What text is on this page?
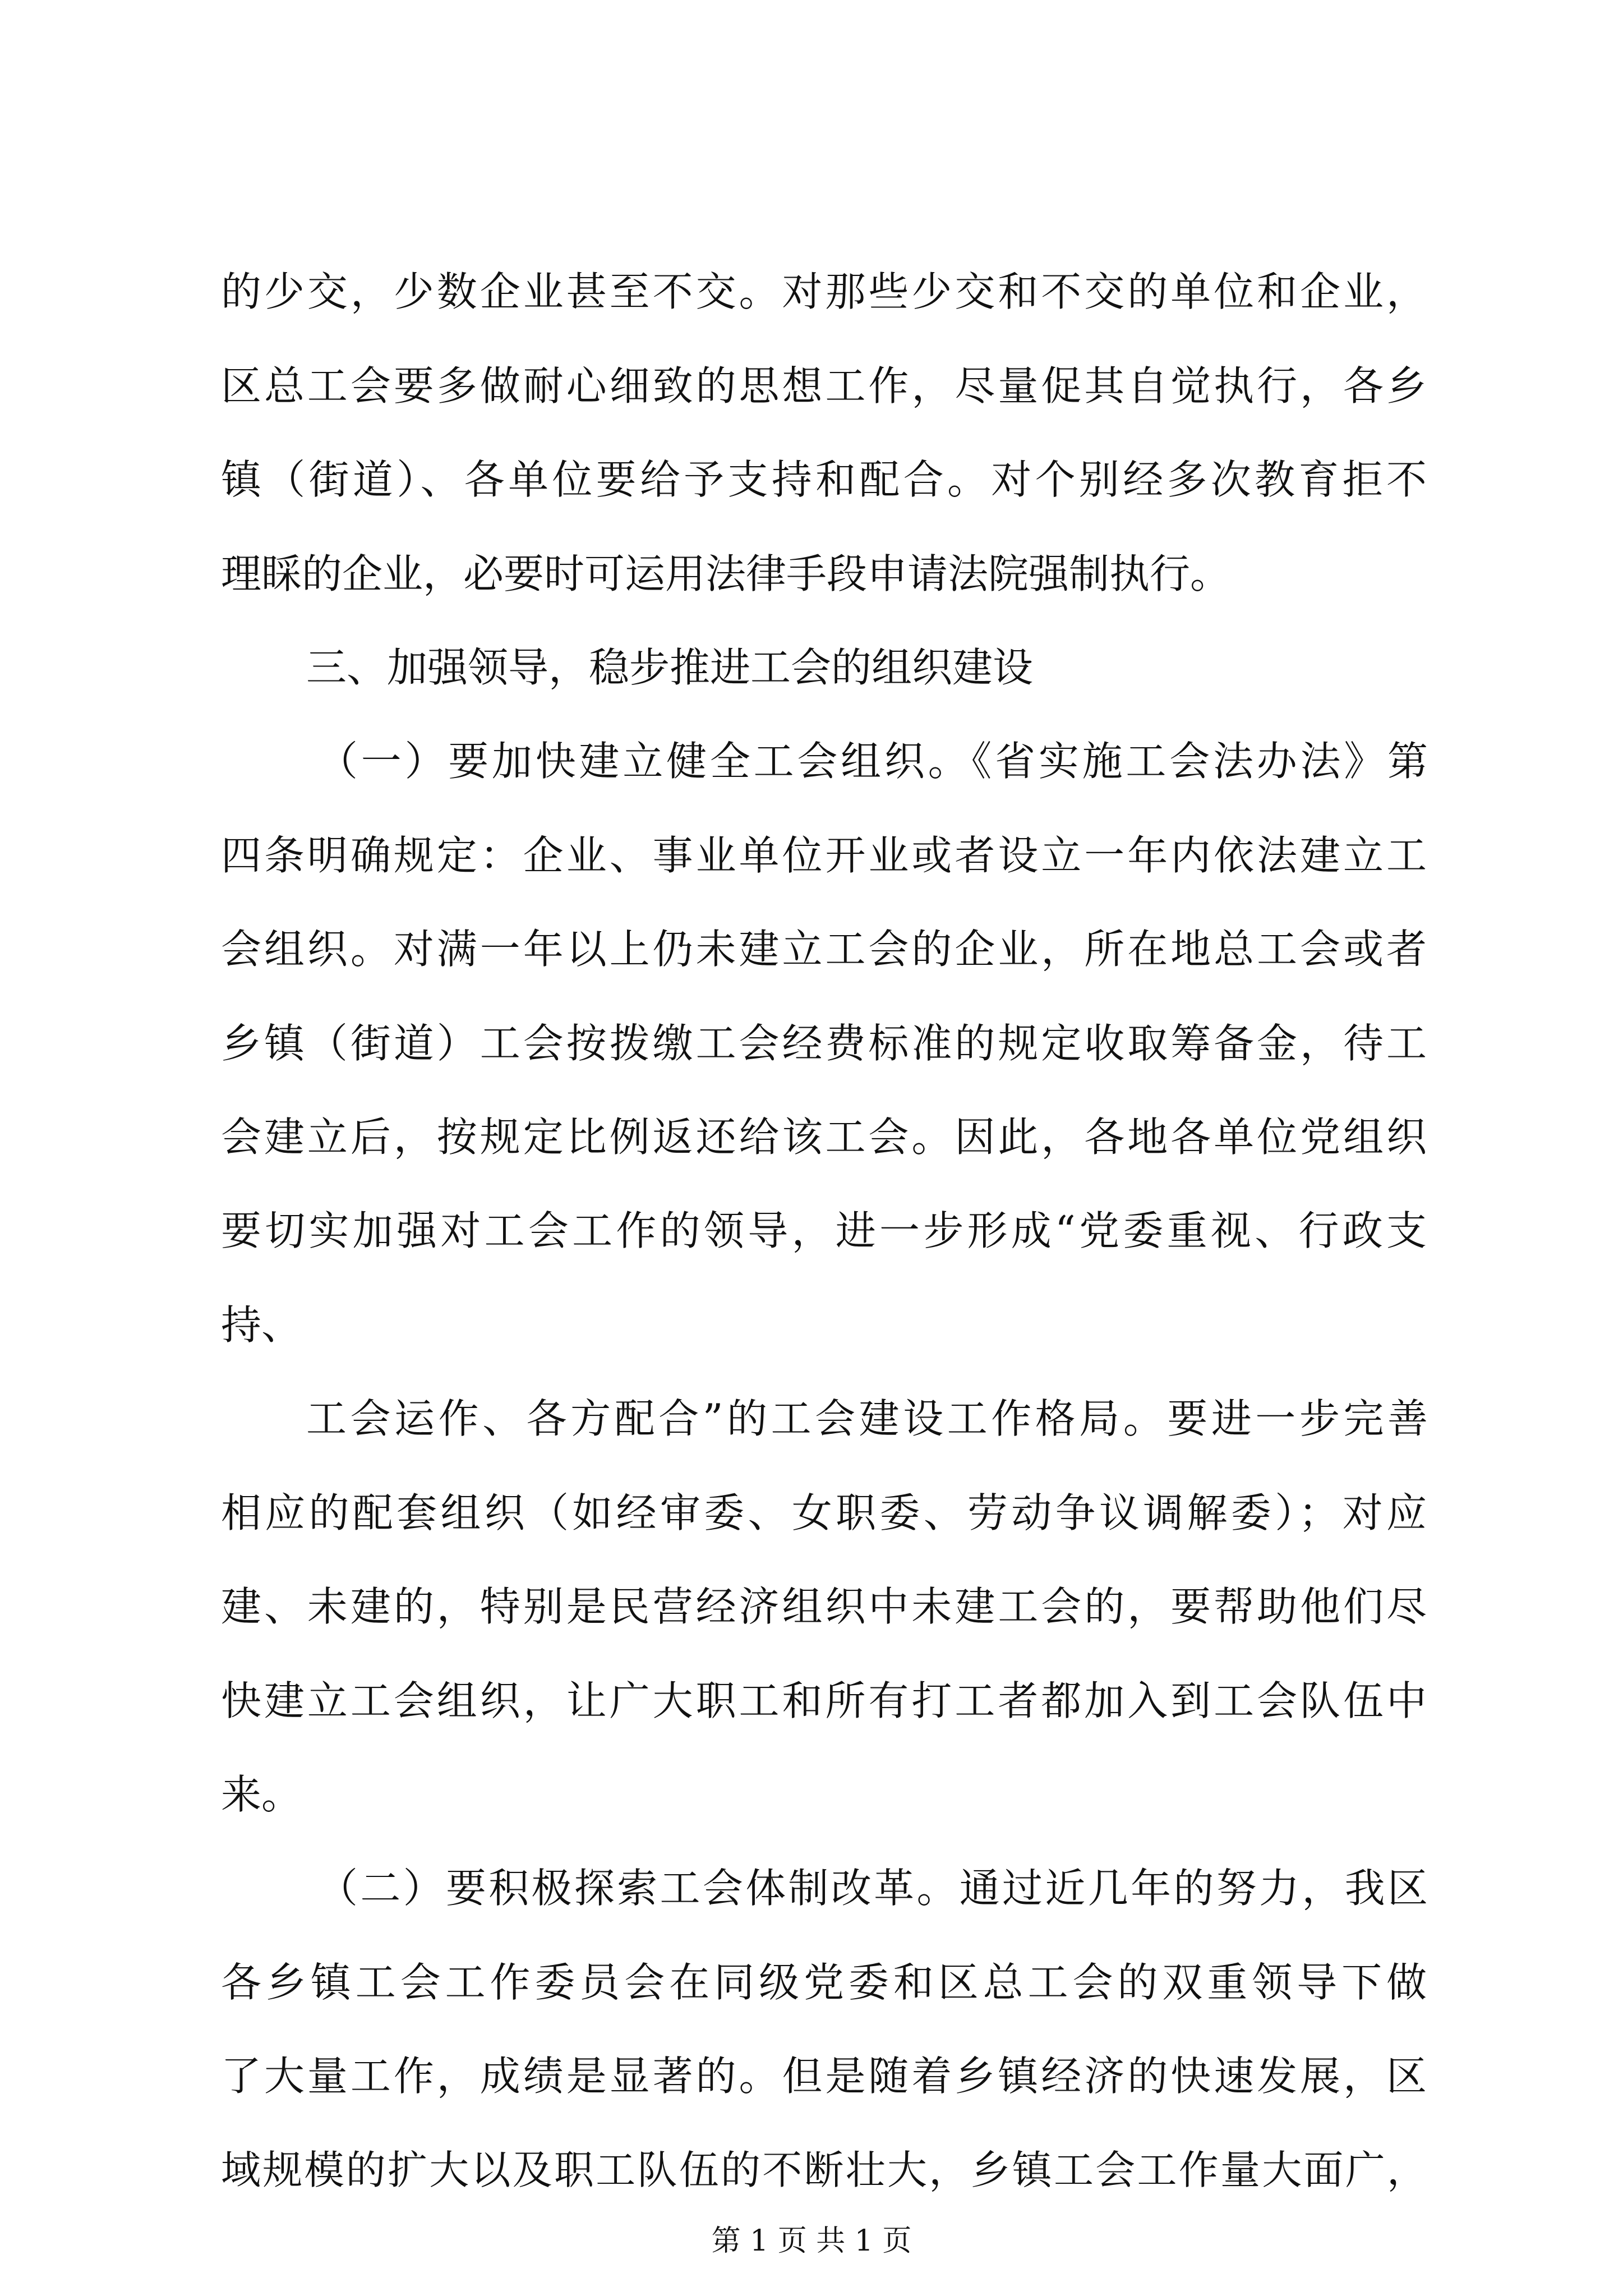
的少交，少数企业甚至不交。对那些少交和不交的单位和企业，
区总工会要多做耐心细致的思想工作，尽量促其自觉执行，各乡
镇（街道）、各单位要给予支持和配合。对个别经多次教育拒不
理睬的企业，必要时可运用法律手段申请法院强制执行。
三、加强领导，稳步推进工会的组织建设
（一）要加快建立健全工会组织。《省实施工会法办法》第
四条明确规定：企业、事业单位开业或者设立一年内依法建立工
会组织。对满一年以上仍未建立工会的企业，所在地总工会或者
乡镇（街道）工会按拨缴工会经费标准的规定收取筹备金，待工
会建立后，按规定比例返还给该工会。因此，各地各单位党组织
要切实加强对工会工作的领导，进一步形成“党委重视、行政支
持、
工会运作、各方配合”的工会建设工作格局。要进一步完善
相应的配套组织（如经审委、女职委、劳动争议调解委）；对应
建、未建的，特别是民营经济组织中未建工会的，要帮助他们尽
快建立工会组织，让广大职工和所有打工者都加入到工会队伍中
来。
（二）要积极探索工会体制改革。通过近几年的努力，我区
各乡镇工会工作委员会在同级党委和区总工会的双重领导下做
了大量工作，成绩是显著的。但是随着乡镇经济的快速发展，区
域规模的扩大以及职工队伍的不断壮大，乡镇工会工作量大面广，
第 1 页 共 1 页
